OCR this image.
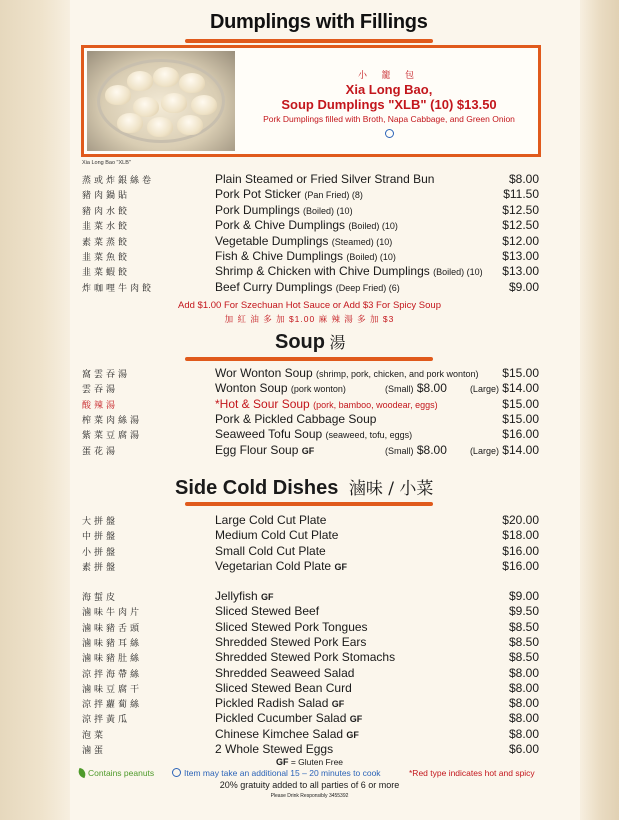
Dumplings with Fillings
小 籠 包
Xia Long Bao,
Soup Dumplings "XLB" (10) $13.50
Pork Dumplings filled with Broth, Napa Cabbage, and Green Onion
Xia Long Bao "XLB"
蒸或炸銀絲卷	Plain Steamed or Fried Silver Strand Bun	$8.00
豬肉鍋貼	Pork Pot Sticker (Pan Fried) (8)	$11.50
豬肉水餃	Pork Dumplings (Boiled) (10)	$12.50
韭菜水餃	Pork & Chive Dumplings (Boiled) (10)	$12.50
素菜蒸餃	Vegetable Dumplings (Steamed) (10)	$12.00
韭菜魚餃	Fish & Chive Dumplings (Boiled) (10)	$13.00
韭菜蝦餃	Shrimp & Chicken with Chive Dumplings (Boiled) (10) $13.00
炸咖哩牛肉餃	Beef Curry Dumplings (Deep Fried) (6)	$9.00
Add $1.00 For Szechuan Hot Sauce or Add $3 For Spicy Soup
加 紅 油 多 加 $1.00 麻 辣 湯 多 加 $3
Soup 湯
窩雲吞湯	Wor Wonton Soup (shrimp, pork, chicken, and pork wonton) $15.00
雲吞湯	Wonton Soup (pork wonton)	(Small) $8.00	(Large) $14.00
酸辣湯	*Hot & Sour Soup (pork, bamboo, woodear, eggs)	$15.00
榨菜肉絲湯	Pork & Pickled Cabbage Soup	$15.00
紫菜豆腐湯	Seaweed Tofu Soup (seaweed, tofu, eggs)	$16.00
蛋花湯	Egg Flour Soup GF	(Small) $8.00	(Large) $14.00
Side Cold Dishes 滷味 / 小菜
大拼盤	Large Cold Cut Plate	$20.00
中拼盤	Medium Cold Cut Plate	$18.00
小拼盤	Small Cold Cut Plate	$16.00
素拼盤	Vegetarian Cold Plate GF	$16.00
海蜇皮	Jellyfish GF	$9.00
滷味牛肉片	Sliced Stewed Beef	$9.50
滷味豬舌頭	Sliced Stewed Pork Tongues	$8.50
滷味豬耳絲	Shredded Stewed Pork Ears	$8.50
滷味豬肚絲	Shredded Stewed Pork Stomachs	$8.50
涼拌海帶絲	Shredded Seaweed Salad	$8.00
滷味豆腐干	Sliced Stewed Bean Curd	$8.00
涼拌蘿蔔絲	Pickled Radish Salad GF	$8.00
涼拌黃瓜	Pickled Cucumber Salad GF	$8.00
泡菜	Chinese Kimchee Salad GF	$8.00
滷蛋	2 Whole Stewed Eggs	$6.00
GF = Gluten Free
Contains peanuts	Item may take an additional 15 – 20 minutes to cook	*Red type indicates hot and spicy
20% gratuity added to all parties of 6 or more
Please Drink Responsibly 3455392
